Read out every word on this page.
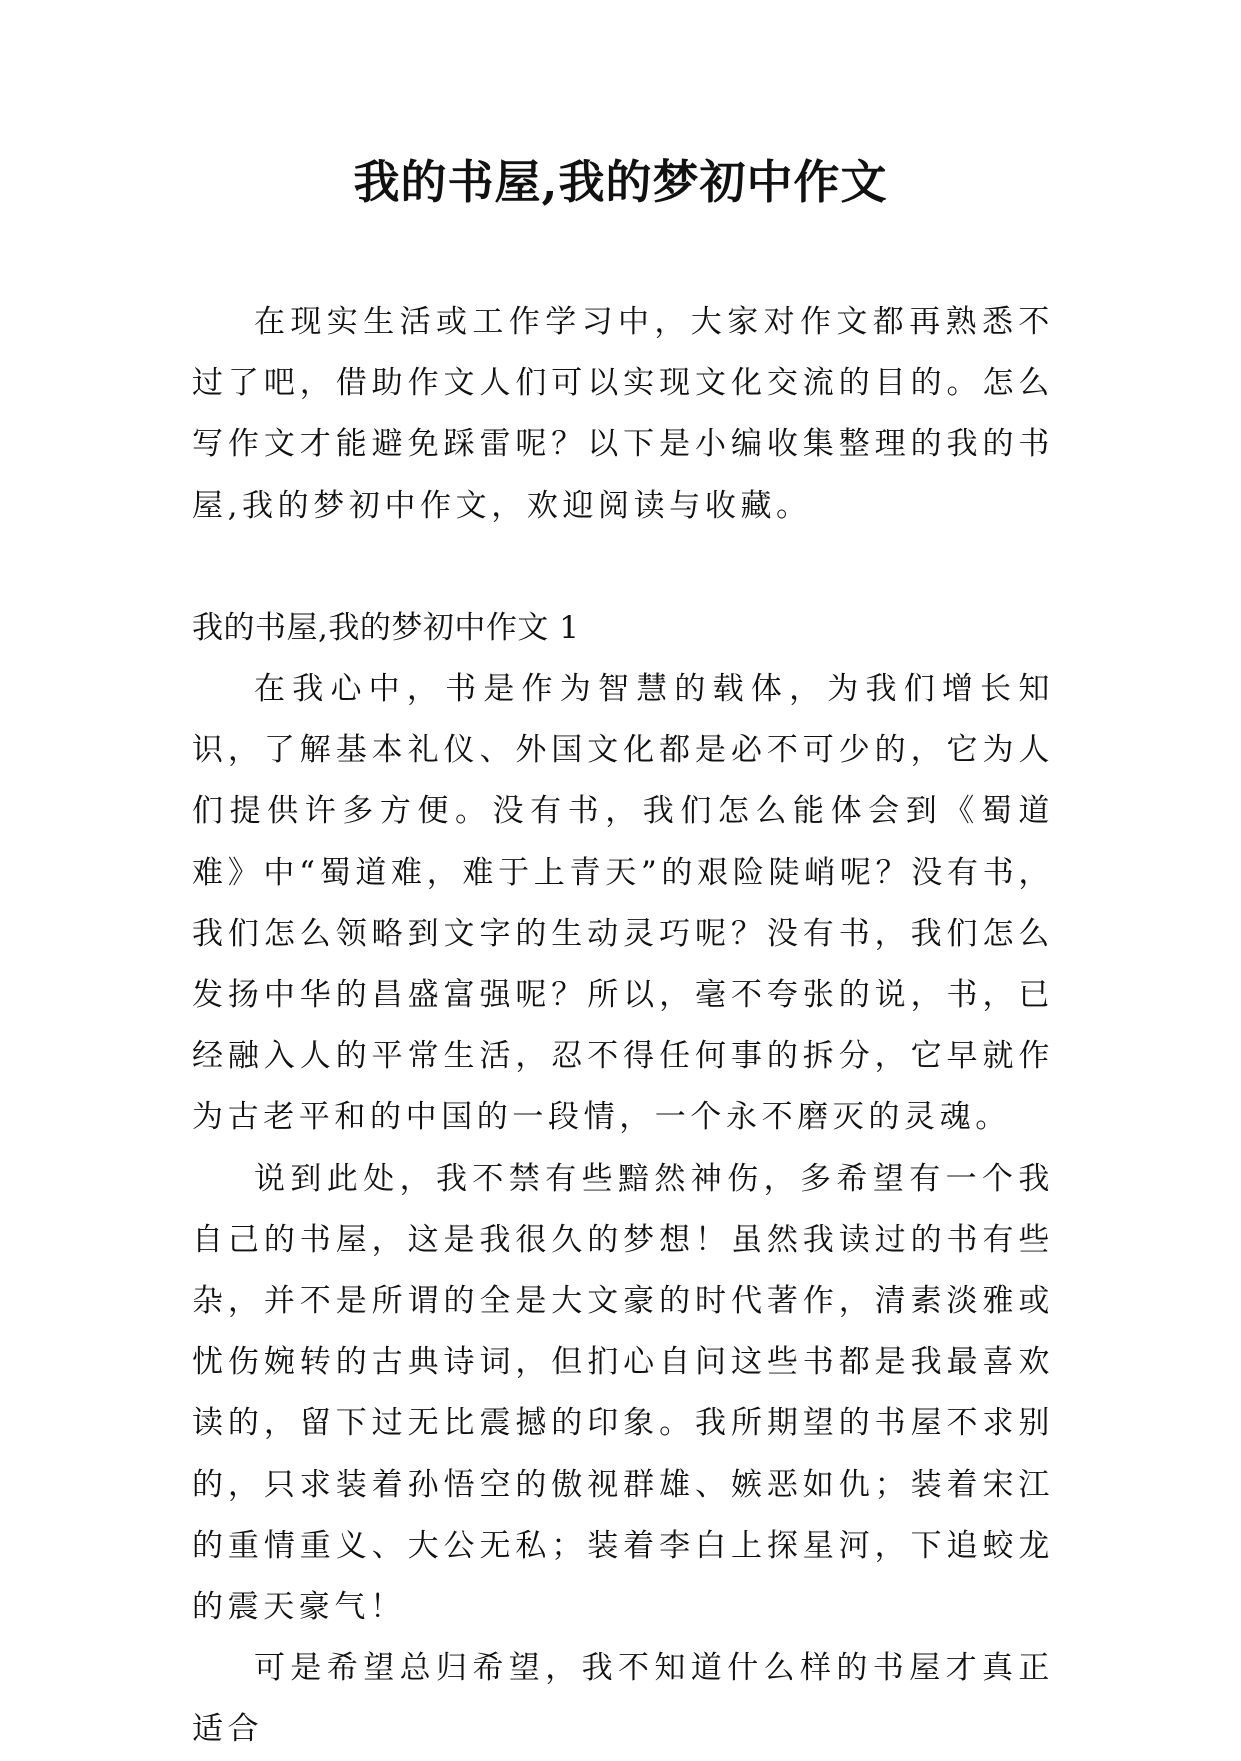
我的书屋,我的梦初中作文

在现实生活或工作学习中，大家对作文都再熟悉不过了吧，借助作文人们可以实现文化交流的目的。怎么写作文才能避免踩雷呢？以下是小编收集整理的我的书屋,我的梦初中作文，欢迎阅读与收藏。

我的书屋,我的梦初中作文 1

在我心中，书是作为智慧的载体，为我们增长知识，了解基本礼仪、外国文化都是必不可少的，它为人们提供许多方便。没有书，我们怎么能体会到《蜀道难》中“蜀道难，难于上青天”的艰险陡峭呢？没有书，我们怎么领略到文字的生动灵巧呢？没有书，我们怎么发扬中华的昌盛富强呢？所以，毫不夸张的说，书，已经融入人的平常生活，忍不得任何事的拆分，它早就作为古老平和的中国的一段情，一个永不磨灭的灵魂。

说到此处，我不禁有些黯然神伤，多希望有一个我自己的书屋，这是我很久的梦想！虽然我读过的书有些杂，并不是所谓的全是大文豪的时代著作，清素淡雅或忧伤婉转的古典诗词，但扪心自问这些书都是我最喜欢读的，留下过无比震撼的印象。我所期望的书屋不求别的，只求装着孙悟空的傲视群雄、嫉恶如仇；装着宋江的重情重义、大公无私；装着李白上探星河，下追蛟龙的震天豪气！

可是希望总归希望，我不知道什么样的书屋才真正适合
